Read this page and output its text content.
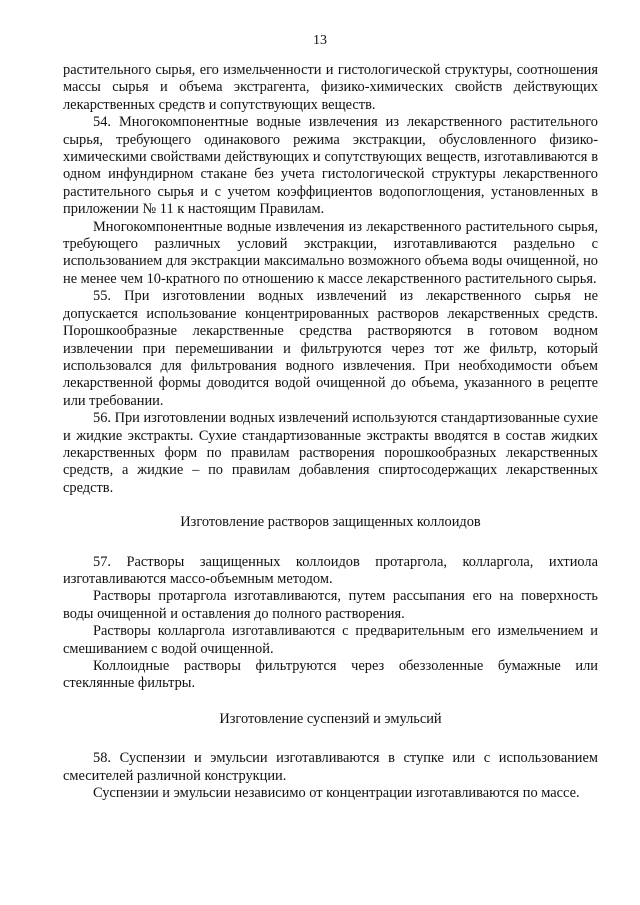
13

растительного сырья, его измельченности и гистологической структуры, соотношения массы сырья и объема экстрагента, физико-химических свойств действующих лекарственных средств и сопутствующих веществ.

54. Многокомпонентные водные извлечения из лекарственного растительного сырья, требующего одинакового режима экстракции, обусловленного физико-химическими свойствами действующих и сопутствующих веществ, изготавливаются в одном инфундирном стакане без учета гистологической структуры лекарственного растительного сырья и с учетом коэффициентов водопоглощения, установленных в приложении № 11 к настоящим Правилам.

Многокомпонентные водные извлечения из лекарственного растительного сырья, требующего различных условий экстракции, изготавливаются раздельно с использованием для экстракции максимально возможного объема воды очищенной, но не менее чем 10-кратного по отношению к массе лекарственного растительного сырья.

55. При изготовлении водных извлечений из лекарственного сырья не допускается использование концентрированных растворов лекарственных средств. Порошкообразные лекарственные средства растворяются в готовом водном извлечении при перемешивании и фильтруются через тот же фильтр, который использовался для фильтрования водного извлечения. При необходимости объем лекарственной формы доводится водой очищенной до объема, указанного в рецепте или требовании.

56. При изготовлении водных извлечений используются стандартизованные сухие и жидкие экстракты. Сухие стандартизованные экстракты вводятся в состав жидких лекарственных форм по правилам растворения порошкообразных лекарственных средств, а жидкие – по правилам добавления спиртосодержащих лекарственных средств.

Изготовление растворов защищенных коллоидов

57. Растворы защищенных коллоидов протаргола, колларгола, ихтиола изготавливаются массо-объемным методом.

Растворы протаргола изготавливаются, путем рассыпания его на поверхность воды очищенной и оставления до полного растворения.

Растворы колларгола изготавливаются с предварительным его измельчением и смешиванием с водой очищенной.

Коллоидные растворы фильтруются через обеззоленные бумажные или стеклянные фильтры.

Изготовление суспензий и эмульсий

58. Суспензии и эмульсии изготавливаются в ступке или с использованием смесителей различной конструкции.

Суспензии и эмульсии независимо от концентрации изготавливаются по массе.
